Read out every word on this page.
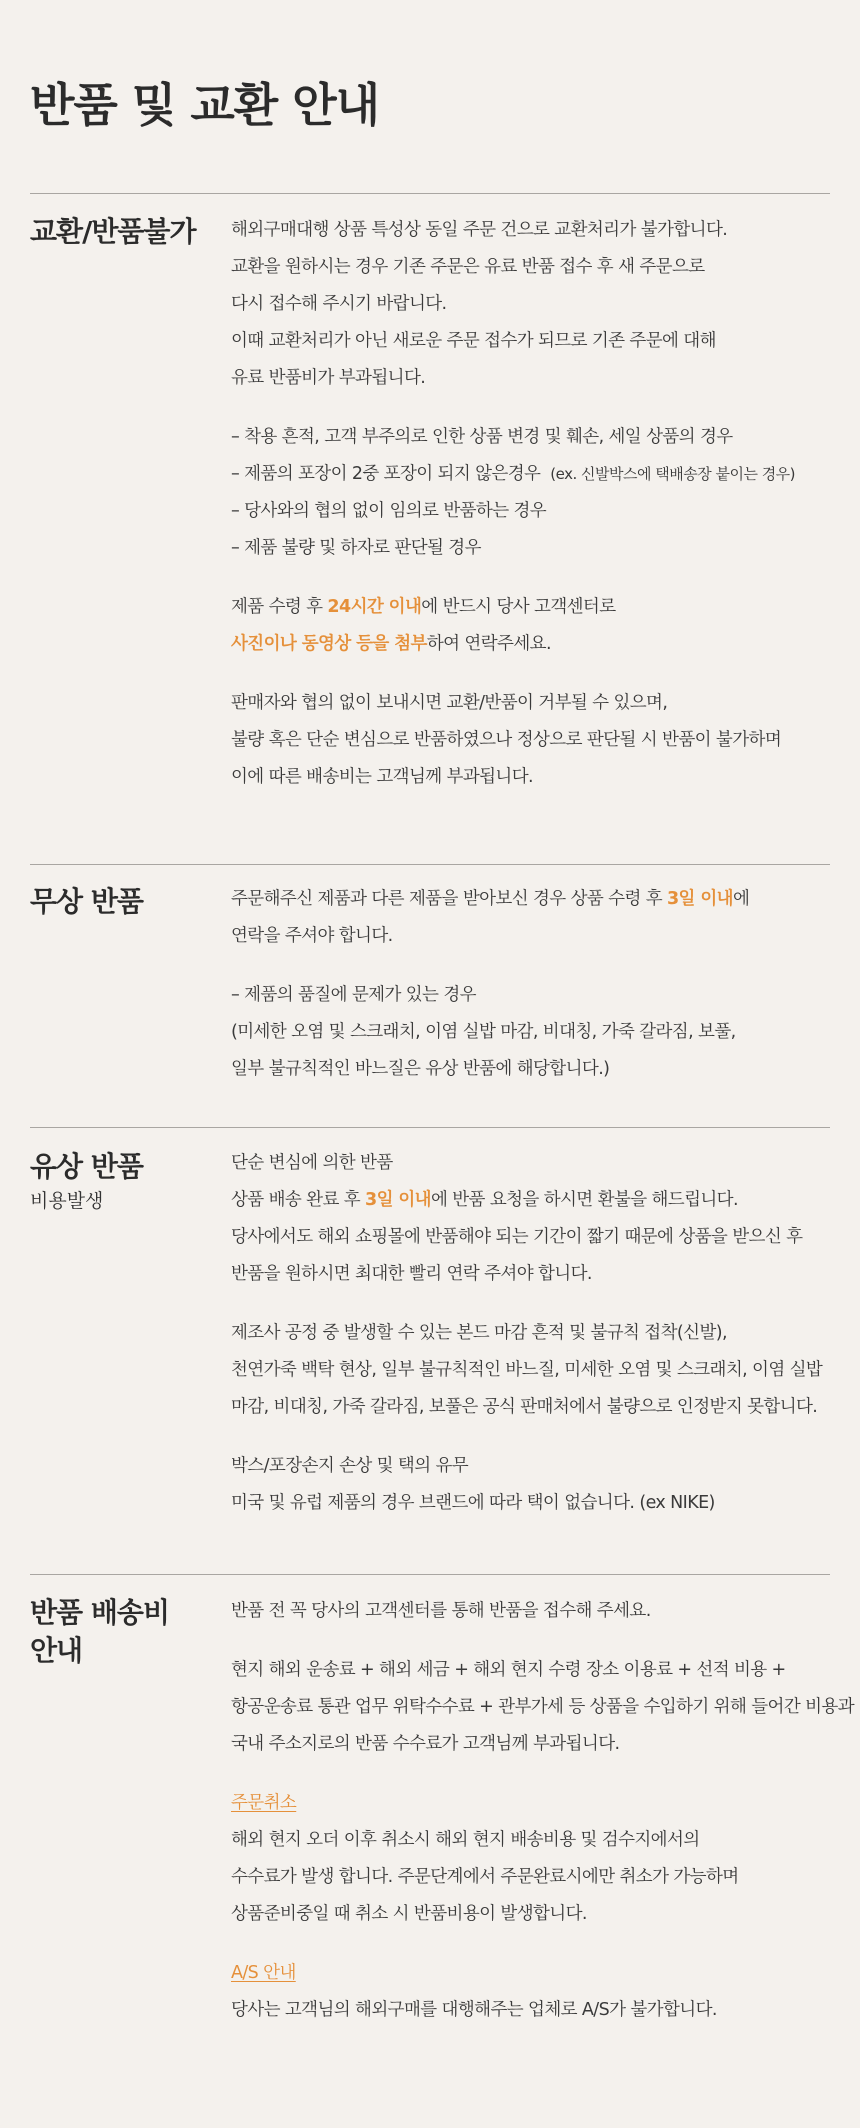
반품 및 교환 안내
교환/반품불가	해외구매대행 상품 특성상 동일 주문 건으로 교환처리가 불가합니다.
교환을 원하시는 경우 기존 주문은 유료 반품 접수 후 새 주문으로
다시 접수해 주시기 바랍니다.
이때 교환처리가 아닌 새로운 주문 접수가 되므로 기존 주문에 대해
유료 반품비가 부과됩니다.
– 착용 흔적, 고객 부주의로 인한 상품 변경 및 훼손, 세일 상품의 경우
– 제품의 포장이 2중 포장이 되지 않은경우 (ex. 신발박스에 택배송장 붙이는 경우)
– 당사와의 협의 없이 임의로 반품하는 경우
– 제품 불량 및 하자로 판단될 경우
제품 수령 후 24시간 이내에 반드시 당사 고객센터로
사진이나 동영상 등을 첨부하여 연락주세요.
판매자와 협의 없이 보내시면 교환/반품이 거부될 수 있으며,
불량 혹은 단순 변심으로 반품하였으나 정상으로 판단될 시 반품이 불가하며
이에 따른 배송비는 고객님께 부과됩니다.
무상 반품	주문해주신 제품과 다른 제품을 받아보신 경우 상품 수령 후 3일 이내에
연락을 주셔야 합니다.
– 제품의 품질에 문제가 있는 경우
(미세한 오염 및 스크래치, 이염 실밥 마감, 비대칭, 가죽 갈라짐, 보풀,
일부 불규칙적인 바느질은 유상 반품에 해당합니다.)
유상 반품
비용발생
단순 변심에 의한 반품
상품 배송 완료 후 3일 이내에 반품 요청을 하시면 환불을 해드립니다.
당사에서도 해외 쇼핑몰에 반품해야 되는 기간이 짧기 때문에 상품을 받으신 후
반품을 원하시면 최대한 빨리 연락 주셔야 합니다.
제조사 공정 중 발생할 수 있는 본드 마감 흔적 및 불규칙 접착(신발),
천연가죽 백탁 현상, 일부 불규칙적인 바느질, 미세한 오염 및 스크래치, 이염 실밥
마감, 비대칭, 가죽 갈라짐, 보풀은 공식 판매처에서 불량으로 인정받지 못합니다.
박스/포장손지 손상 및 택의 유무
미국 및 유럽 제품의 경우 브랜드에 따라 택이 없습니다. (ex NIKE)
반품 배송비
안내
반품 전 꼭 당사의 고객센터를 통해 반품을 접수해 주세요.
현지 해외 운송료 + 해외 세금 + 해외 현지 수령 장소 이용료 + 선적 비용 +
항공운송료 통관 업무 위탁수수료 + 관부가세 등 상품을 수입하기 위해 들어간 비용과
국내 주소지로의 반품 수수료가 고객님께 부과됩니다.
주문취소
해외 현지 오더 이후 취소시 해외 현지 배송비용 및 검수지에서의
수수료가 발생 합니다. 주문단계에서 주문완료시에만 취소가 가능하며
상품준비중일 때 취소 시 반품비용이 발생합니다.
A/S 안내
당사는 고객님의 해외구매를 대행해주는 업체로 A/S가 불가합니다.
